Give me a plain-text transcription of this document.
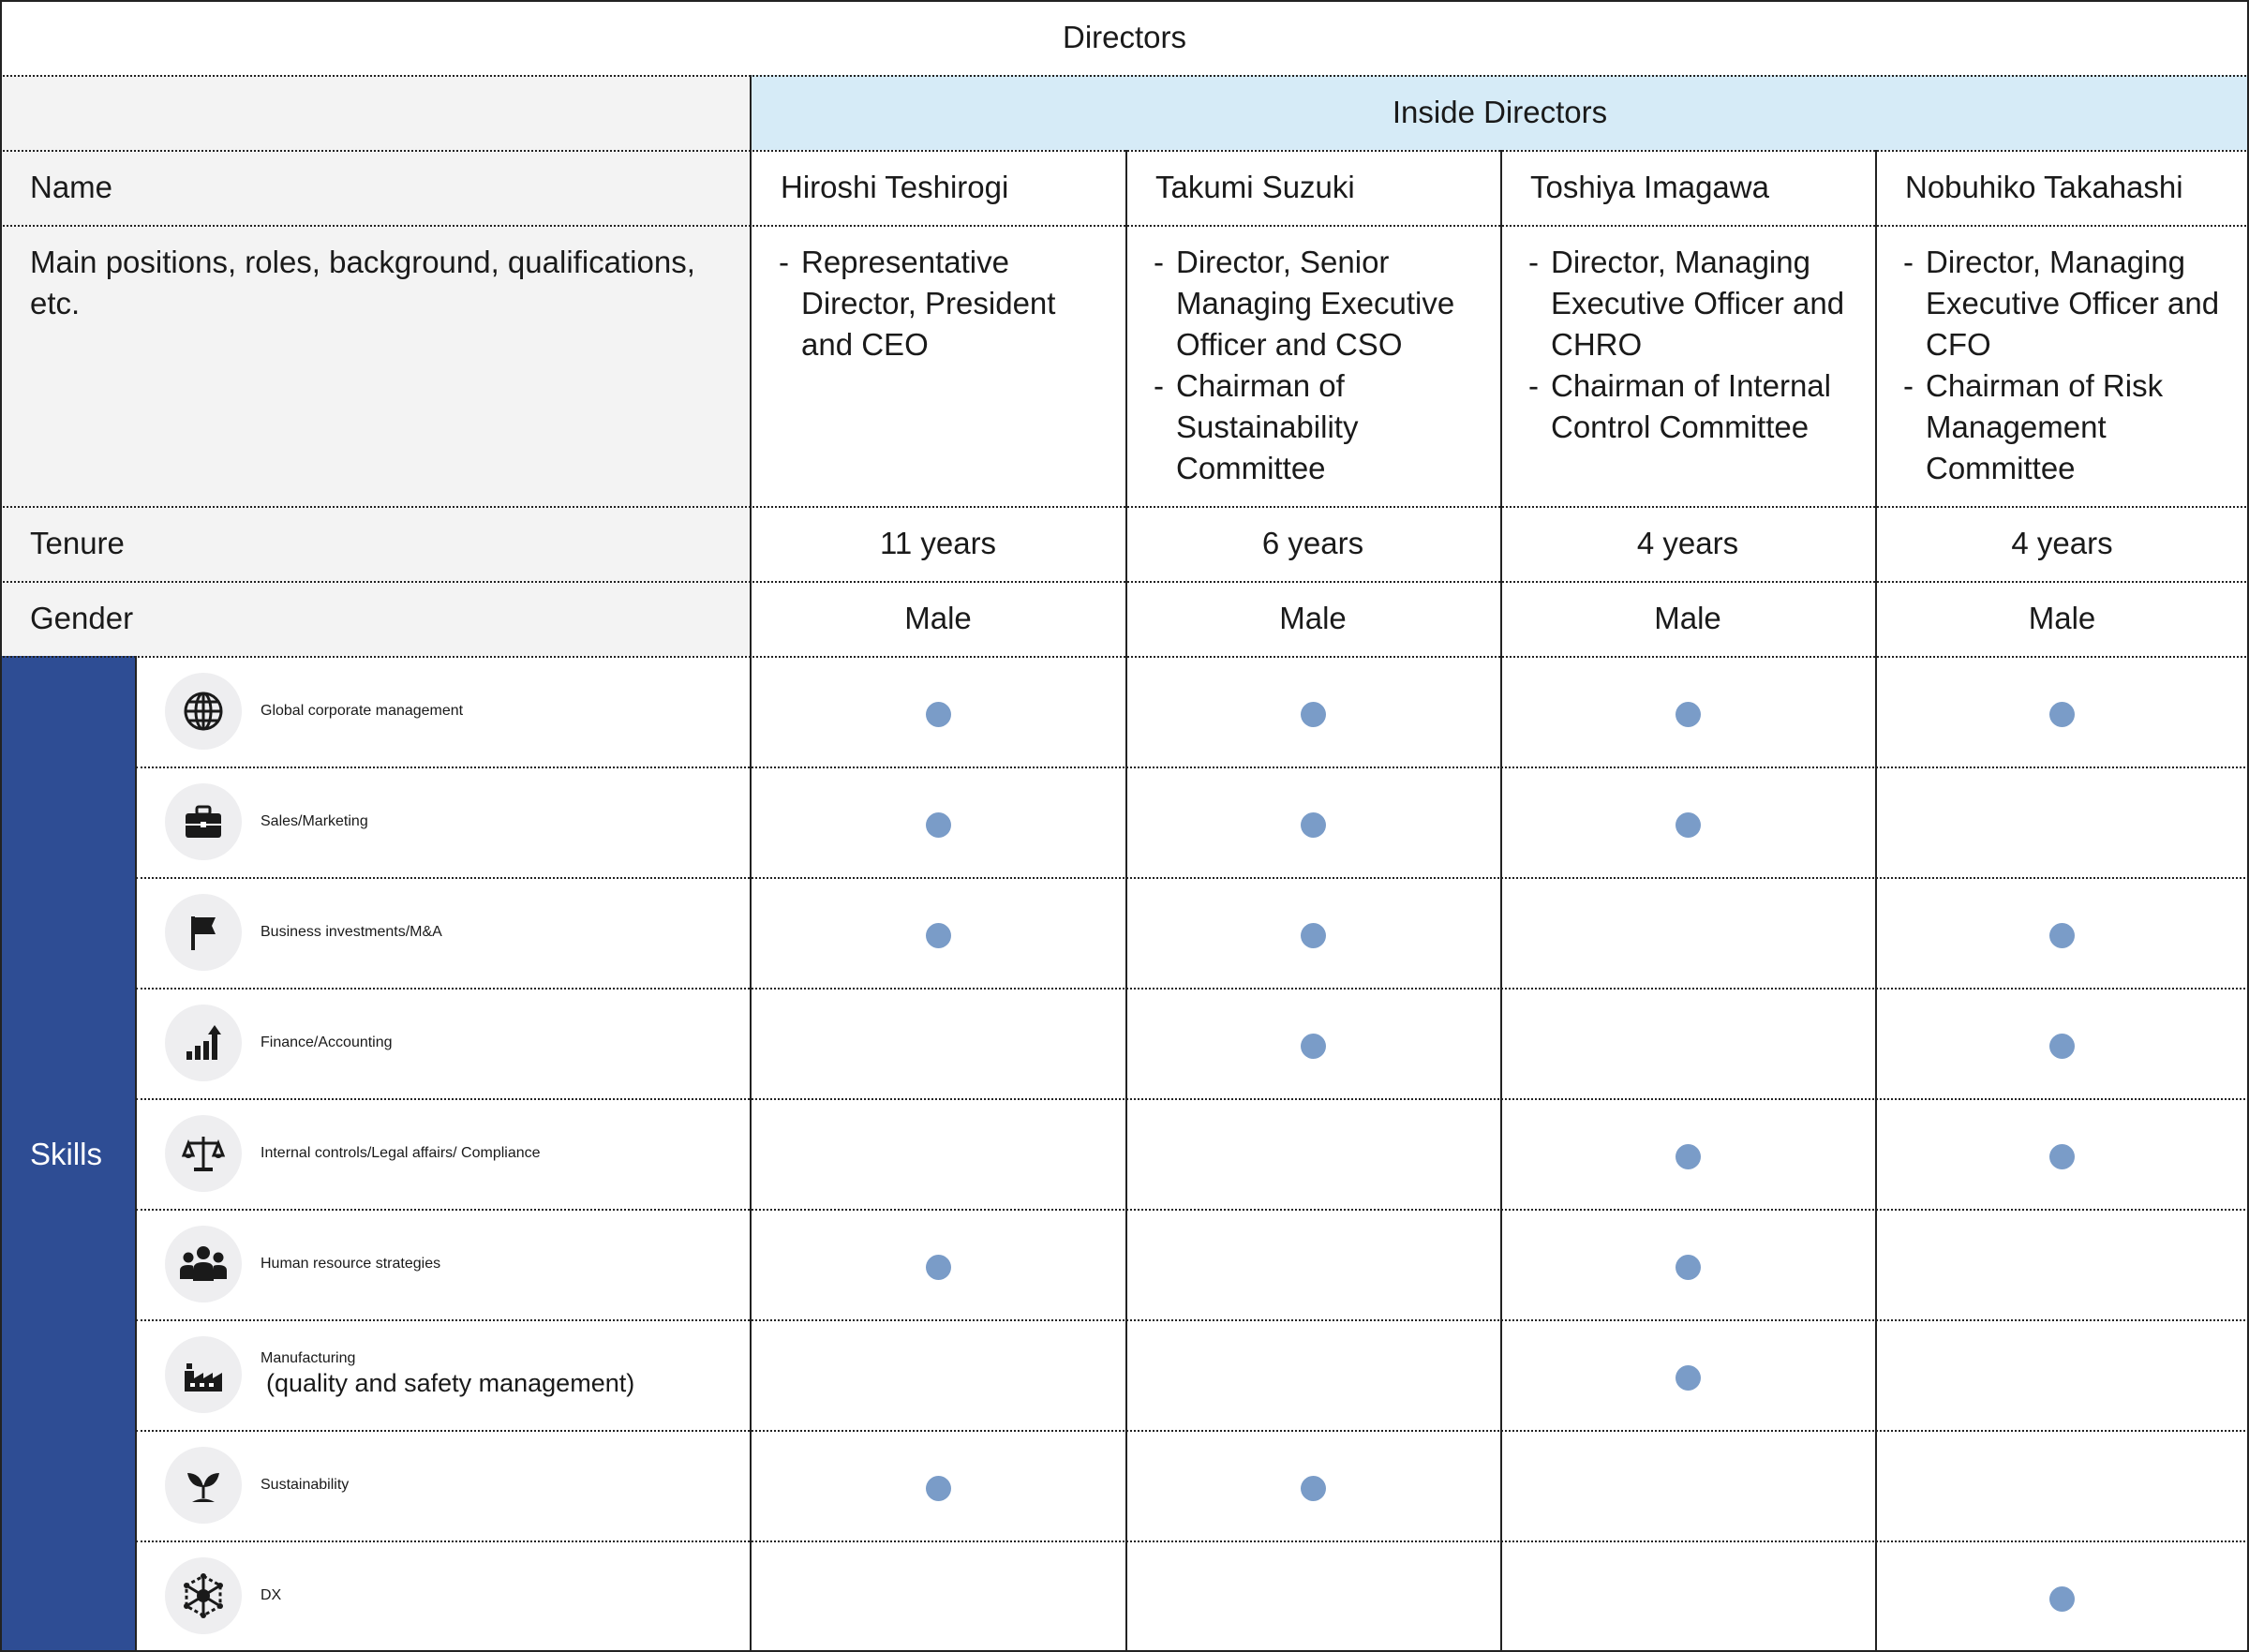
Directors
Inside Directors
Name
Main positions, roles, background, qualifications, etc.
Tenure
Gender
Skills
Hiroshi Teshirogi
- Representative Director, President and CEO
11 years
Male
Takumi Suzuki
- Director, Senior Managing Executive Officer and CSO
- Chairman of Sustainability Committee
6 years
Male
Toshiya Imagawa
- Director, Managing Executive Officer and CHRO
- Chairman of Internal Control Committee
4 years
Male
Nobuhiko Takahashi
- Director, Managing Executive Officer and CFO
- Chairman of Risk Management Committee
4 years
Male
Global corporate management
Sales/Marketing
Business investments/M&A
Finance/Accounting
Internal controls/Legal affairs/ Compliance
Human resource strategies
Manufacturing
(quality and safety management)
Sustainability
DX
